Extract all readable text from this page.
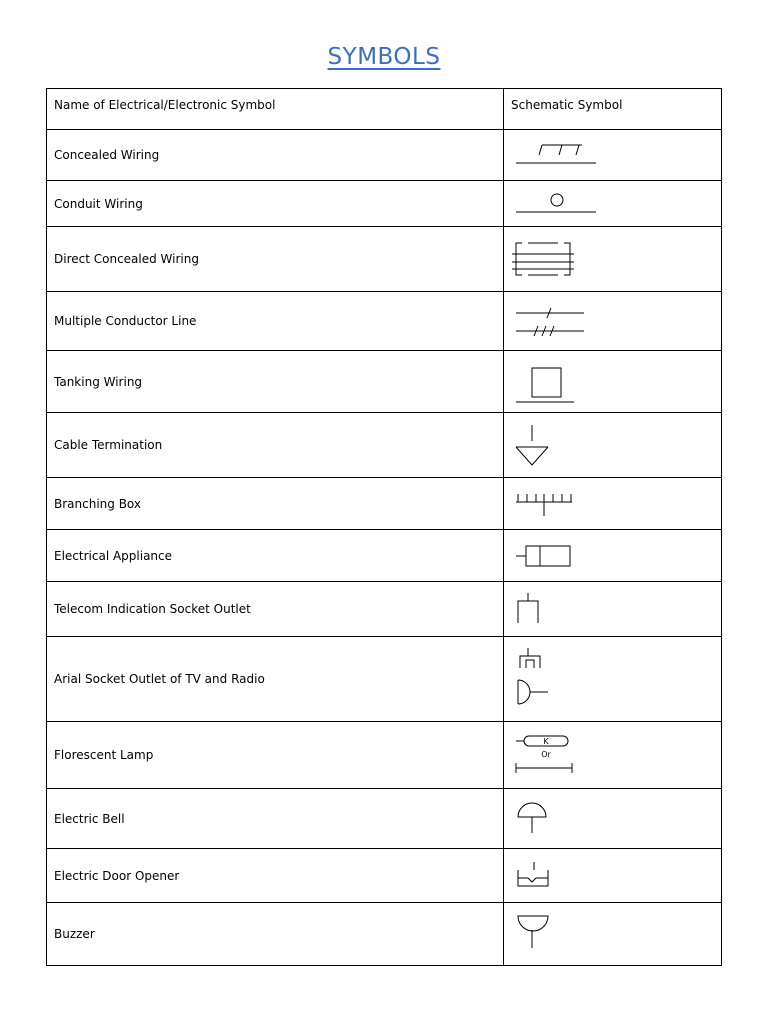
SYMBOLS
Name of Electrical/Electronic Symbol	Schematic Symbol
Concealed Wiring	

Conduit Wiring	

Direct Concealed Wiring	

Multiple Conductor Line	

Tanking Wiring	

Cable Termination	

Branching Box	

Electrical Appliance	

Telecom Indication Socket Outlet	

Arial Socket Outlet of TV and Radio	

Florescent Lamp	K
Or

Electric Bell	

Electric Door Opener	

Buzzer	
